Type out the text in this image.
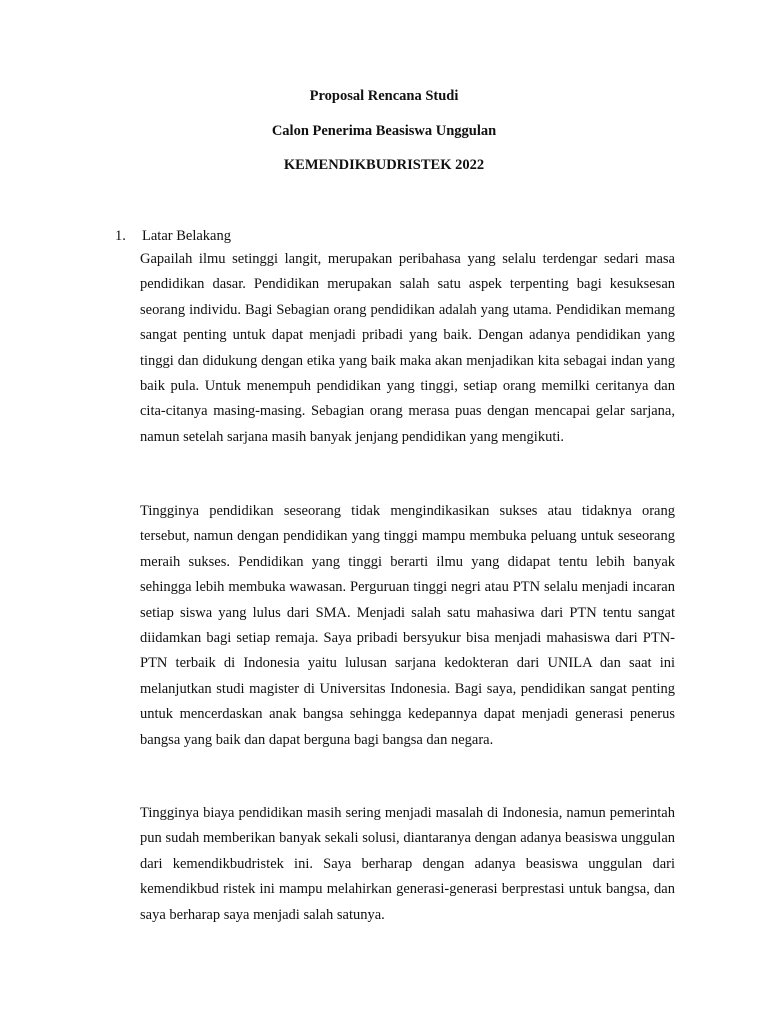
Proposal Rencana Studi
Calon Penerima Beasiswa Unggulan
KEMENDIKBUDRISTEK 2022
1.	Latar Belakang
Gapailah ilmu setinggi langit, merupakan peribahasa yang selalu terdengar sedari masa pendidikan dasar. Pendidikan merupakan salah satu aspek terpenting bagi kesuksesan seorang individu. Bagi Sebagian orang pendidikan adalah yang utama. Pendidikan memang sangat penting untuk dapat menjadi pribadi yang baik. Dengan adanya pendidikan yang tinggi dan didukung dengan etika yang baik maka akan menjadikan kita sebagai indan yang baik pula. Untuk menempuh pendidikan yang tinggi, setiap orang memilki ceritanya dan cita-citanya masing-masing. Sebagian orang merasa puas dengan mencapai gelar sarjana, namun setelah sarjana masih banyak jenjang pendidikan yang mengikuti.
Tingginya pendidikan seseorang tidak mengindikasikan sukses atau tidaknya orang tersebut, namun dengan pendidikan yang tinggi mampu membuka peluang untuk seseorang meraih sukses. Pendidikan yang tinggi berarti ilmu yang didapat tentu lebih banyak sehingga lebih membuka wawasan. Perguruan tinggi negri atau PTN selalu menjadi incaran setiap siswa yang lulus dari SMA. Menjadi salah satu mahasiwa dari PTN tentu sangat diidamkan bagi setiap remaja. Saya pribadi bersyukur bisa menjadi mahasiswa dari PTN-PTN terbaik di Indonesia yaitu lulusan sarjana kedokteran dari UNILA dan saat ini melanjutkan studi magister di Universitas Indonesia. Bagi saya, pendidikan sangat penting untuk mencerdaskan anak bangsa sehingga kedepannya dapat menjadi generasi penerus bangsa yang baik dan dapat berguna bagi bangsa dan negara.
Tingginya biaya pendidikan masih sering menjadi masalah di Indonesia, namun pemerintah pun sudah memberikan banyak sekali solusi, diantaranya dengan adanya beasiswa unggulan dari kemendikbudristek ini. Saya berharap dengan adanya beasiswa unggulan dari kemendikbud ristek ini mampu melahirkan generasi-generasi berprestasi untuk bangsa, dan saya berharap saya menjadi salah satunya.
